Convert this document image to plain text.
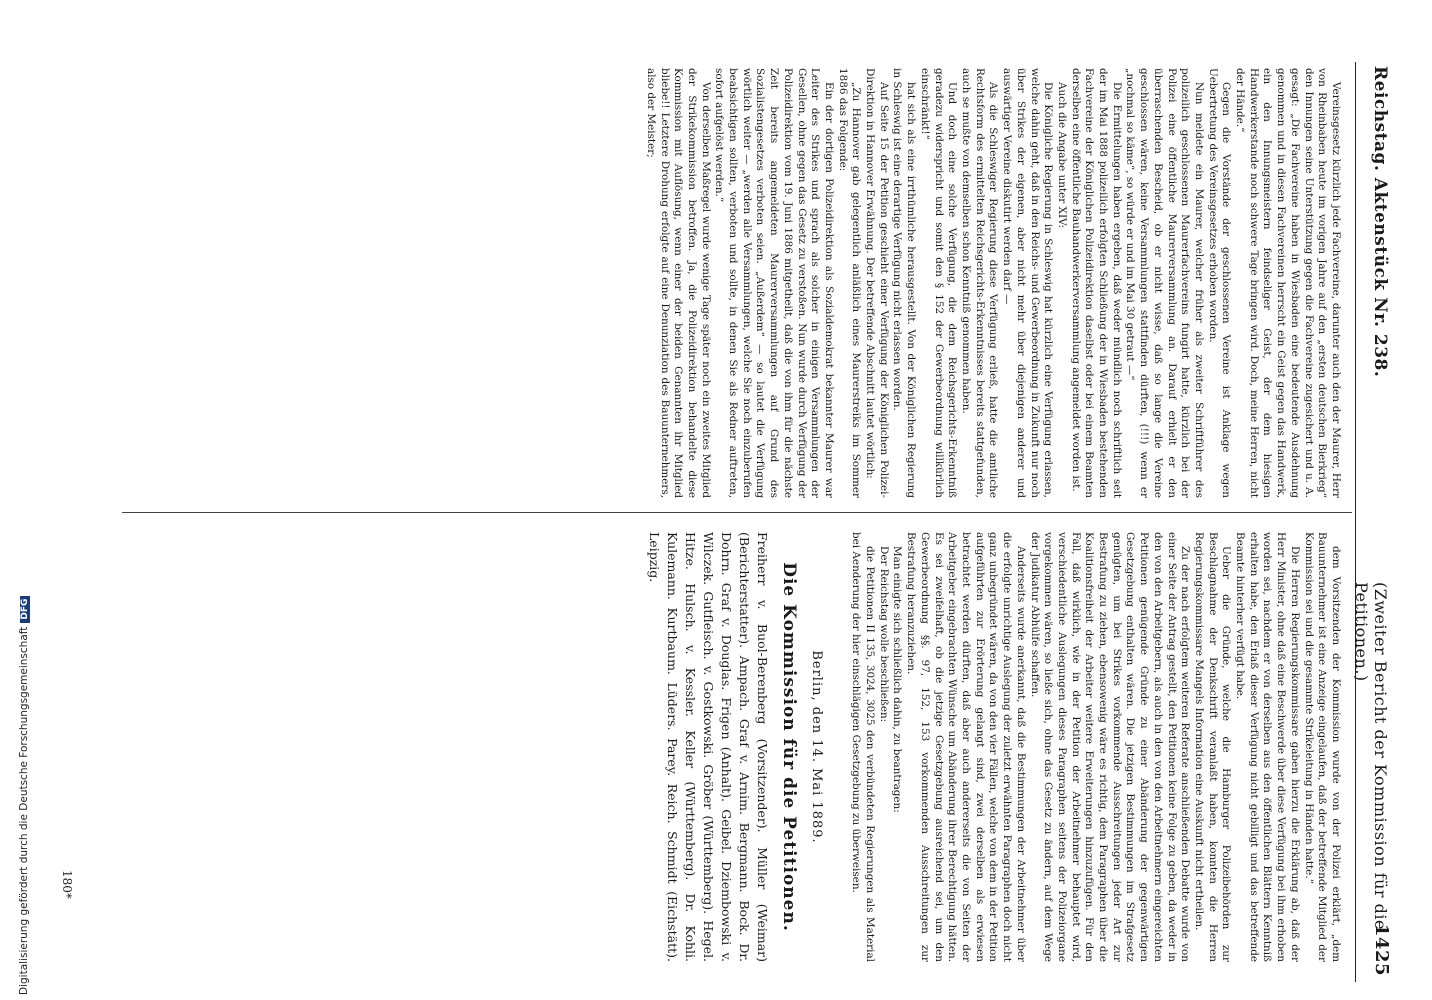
Reichstag. Aktenstück Nr. 238.
(Zweiter Bericht der Kommission für die Petitionen.)
1425

Vereinsgesetz kürzlich jede Fachvereine, darunter auch den der Maurer, Herr von Rheinbaben heute im vorigen Jahre auf den „ersten deutschen Bierkrieg“ den Innungen seine Unterstützung gegen die Fachvereine zugesichert und u. A. gesagt: „Die Fachvereine haben in Wiesbaden eine bedeutende Ausdehnung genommen und in diesen Fachvereinen herrscht ein Geist gegen das Handwerk, ein den Innungsmeistern feindseliger Geist, der dem hiesigen Handwerkerstande noch schwere Tage bringen wird. Doch, meine Herren, nicht der Hände.“

Gegen die Vorstände der geschlossenen Vereine ist Anklage wegen Uebertretung des Vereinsgesetzes erhoben worden.

Nun meldete ein Maurer, welcher früher als zweiter Schriftführer des polizeilich geschlossenen Maurerfachvereins fungirt hatte, kürzlich bei der Polizei eine öffentliche Maurerversammlung an. Darauf erhielt er den überraschenden Bescheid, ob er nicht wisse, daß so lange die Vereine geschlossen wären, keine Versammlungen stattfinden dürften, (!!!) wenn er „nochmal so käme“, so würde er und im Mai 30 getraut —“

Die Ermittelungen haben ergeben, daß weder mündlich noch schriftlich seit der im Mai 1888 polizeilich erfolgten Schließung der in Wiesbaden bestehenden Fachvereine der Königlichen Polizeidirektion daselbst oder bei einem Beamten derselben eine öffentliche Bauhandwerkerversammlung angemeldet worden ist.

Auch die Angabe unter XIV:

Die Königliche Regierung in Schleswig hat kürzlich eine Verfügung erlassen, welche dahin geht, daß in den Reichs- und Gewerbeordnung in Zukunft nur noch über Strikes der eigenen, aber nicht mehr über diejenigen anderer und auswärtiger Vereine diskutirt werden darf —

Als die Schleswiger Regierung diese Verfügung erließ, hatte die amtliche Rechtsform des ermittelten Reichsgerichts-Erkenntnisses bereits stattgefunden, auch se mußte von demselben schon Kenntniß genommen haben.

Und doch eine solche Verfügung, die dem Reichsgerichts-Erkenntniß geradezu widerspricht und somit den § 152 der Gewerbeordnung willkürlich einschränkt!“

hat sich als eine irrthümliche herausgestellt. Von der Königlichen Regierung in Schleswig ist eine derartige Verfügung nicht erlassen worden.

Auf Seite 15 der Petition geschieht einer Verfügung der Königlichen Polizei-Direktion in Hannover Erwähnung. Der betreffende Abschnitt lautet wörtlich:

„Zu Hannover gab gelegentlich anläßlich eines Maurerstreiks im Sommer 1886 das Folgende:

Ein der dortigen Polizeidirektion als Sozialdemokrat bekannter Maurer war Leiter des Strikes und sprach als solcher in einigen Versammlungen der Gesellen, ohne gegen das Gesetz zu verstoßen. Nun wurde durch Verfügung der Polizeidirektion vom 19. Juni 1886 mitgetheilt, daß die von ihm für die nächste Zeit bereits angemeldeten Maurerversammlungen auf Grund des Sozialistengesetzes verboten seien. „Außerdem“ — so lautet die Verfügung wörtlich weiter — „werden alle Versammlungen, welche Sie noch einzuberufen beabsichtigen sollten, verboten und sollte, in denen Sie als Redner auftreten, sofort aufgelöst werden.“

Von derselben Maßregel wurde wenige Tage später noch ein zweites Mitglied der Strikekommission betroffen. Ja, die Polizeidirektion behandelte diese Kommission mit Auflösung, wenn einer der beiden Genannten ihr Mitglied bliebe!! Letztere Drohung erfolgte auf eine Denunziation des Bauunternehmers, also der Meister;

dem Vorsitzenden der Kommission wurde von der Polizei erklärt, „dem Bauunternehmer ist eine Anzeige eingelaufen, daß der betreffende Mitglied der Kommission sei und die gesammte Strikeleitung in Händen hatte.“

Die Herren Regierungskommissare gaben hierzu die Erklärung ab, daß der Herr Minister, ohne daß eine Beschwerde über diese Verfügung bei ihm erhoben worden sei, nachdem er von derselben aus den öffentlichen Blättern Kenntniß erhalten habe, den Erlaß dieser Verfügung nicht gebilligt und das betreffende Beamte hinterher verfügt habe.

Ueber die Gründe, welche die Hamburger Polizeibehörden zur Beschlagnahme der Denkschrift veranlaßt haben, konnten die Herren Regierungskommissare Mangels Information eine Auskunft nicht ertheilen.

Zu der nach erfolgtem weiteren Referate anschließenden Debatte wurde von einer Seite der Antrag gestellt, den Petitionen keine Folge zu geben, da weder in den von den Arbeitgebern, als auch in den von den Arbeitnehmern eingereichten Petitionen genügende Gründe zu einer Abänderung der gegenwärtigen Gesetzgebung enthalten wären. Die jetzigen Bestimmungen im Strafgesetz genügten, um bei Strikes vorkommende Ausschreitungen jeder Art zur Bestrafung zu ziehen, ebensowenig wäre es richtig, dem Paragraphen über die Koalitionsfreiheit der Arbeiter weitere Erweiterungen hinzuzufügen. Für den Fall, daß wirklich, wie in der Petition der Arbeitnehmer behauptet wird, verschiedentliche Auslegungen dieses Paragraphen seitens der Polizeiorgane vorgekommen wären, so ließe sich, ohne das Gesetz zu ändern, auf dem Wege der Judikatur Abhülfe schaffen.

Anderseits wurde anerkannt, daß die Bestimmungen der Arbeitnehmer über die erfolgte unrichtige Auslegung der zuletzt erwähnten Paragraphen doch nicht ganz unbegründet wären, da von den vier Fällen, welche von dem in der Petition aufgeführten zur Erörterung gelangt sind, zwei derselben als erwiesen betrachtet werden dürften, daß aber auch andererseits die von Seiten der Arbeitgeber eingebrachten Wünsche um Abänderung ihrer Berechtigung hätten. Es sei zweifelhaft, ob die jetzige Gesetzgebung ausreichend sei, um den Gewerbeordnung §§. 97, 152, 153 vorkommenden Ausschreitungen zur Bestrafung heranzuziehen.

Man einigte sich schließlich dahin, zu beantragen:

Der Reichstag wolle beschließen:

die Petitionen II 135, 3024, 3025 den verbündeten Regierungen als Material bei Aenderung der hier einschlägigen Gesetzgebung zu überweisen.

Berlin, den 14. Mai 1889.
Die Kommission für die Petitionen.
Freiherr v. Buol-Berenberg (Vorsitzender). Müller (Weimar) (Berichterstatter). Ampach. Graf v. Arnim. Bergmann. Bock. Dr. Dohrn. Graf v. Douglas. Frigen (Anhalt). Geibel. Dziembowski v. Wilczek. Gutfleisch. v. Gostkowski. Gröber (Württemberg). Hegel. Hitze. Hulsch. v. Kessler. Keller (Württemberg). Dr. Kohli. Kulemann. Kurtbaum. Lüders. Parey. Reich. Schmidt (Eichstätt). Leipzig.
Digitalisierung gefördert durch die Deutsche ForschungsgemeinschaftDFG
180*
